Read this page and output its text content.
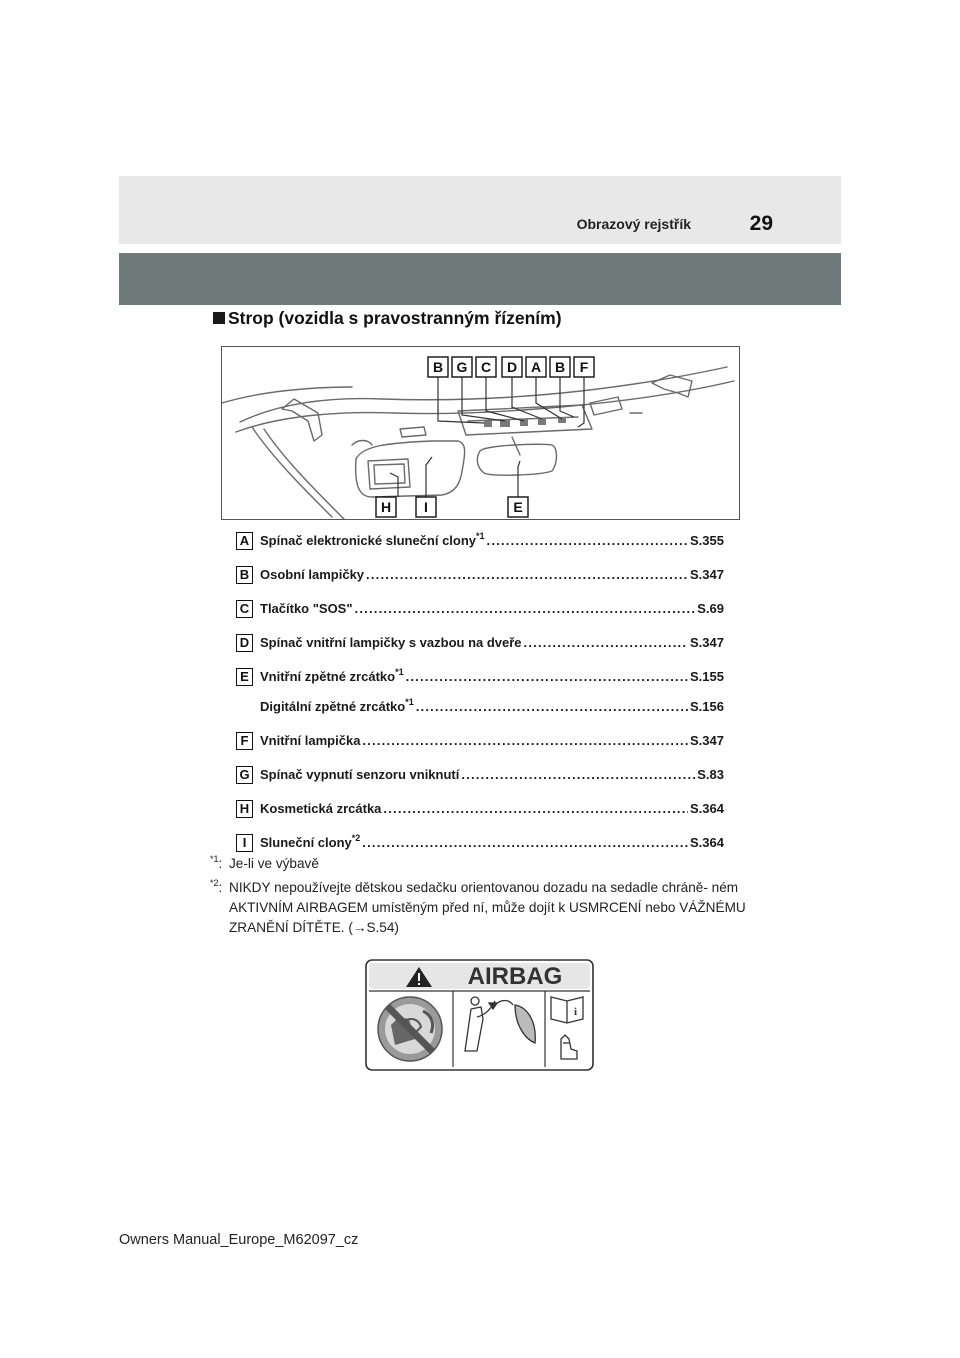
Obrazový rejstřík	29
Strop (vozidla s pravostranným řízením)
B G C D A B F
H I	E
A Spínač elektronické sluneční clony$^{*1}$ .....	S.355
B Osobní lampičky .....	S.347
C Tlačítko "SOS" .....	S.69
D Spínač vnitřní lampičky s vazbou na dveře .....	S.347
E Vnitřní zpětné zrcátko$^{*1}$ .....	S.155
Digitální zpětné zrcátko$^{*1}$ .....	S.156
F Vnitřní lampička .....	S.347
G Spínač vypnutí senzoru vniknutí .....	S.83
H Kosmetická zrcátka .....	S.364
I	Sluneční clony$^{*2}$ .....	S.364
$^{*1}$: Je-li ve výbavě
$^{*2}$: NIKDY nepoužívejte dětskou sedačku orientovanou dozadu na sedadle chráně- ném AKTIVNÍM AIRBAGEM umístěným před ní, může dojít k USMRCENÍ nebo VÁŽNÉMU ZRANĚNÍ DÍTĚTE. (→S.54)
AIRBAG
i
Owners Manual_Europe_M62097_cz
